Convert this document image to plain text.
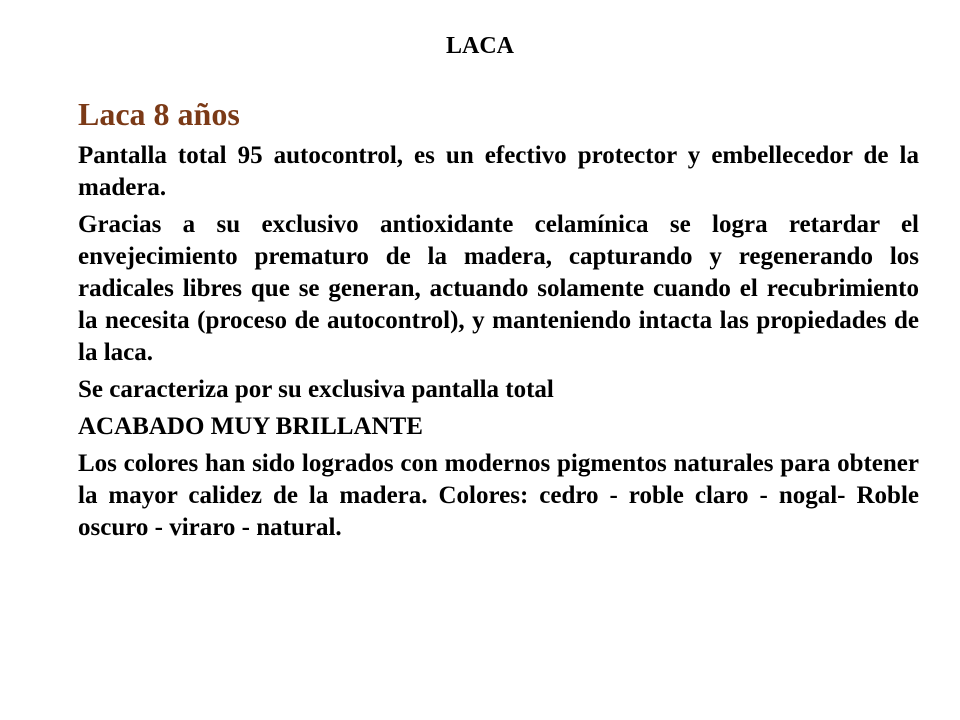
LACA
Laca 8 años

Pantalla total 95 autocontrol, es un efectivo protector y embellecedor de la madera.

Gracias a su exclusivo antioxidante celamínica se logra retardar el envejecimiento prematuro de la madera, capturando y regenerando los radicales libres que se generan, actuando solamente cuando el recubrimiento la necesita (proceso de autocontrol), y manteniendo intacta las propiedades de la laca.

Se caracteriza por su exclusiva pantalla total

ACABADO MUY BRILLANTE

Los colores han sido logrados con modernos pigmentos naturales para obtener la mayor calidez de la madera. Colores: cedro - roble claro - nogal- Roble oscuro - viraro - natural.
